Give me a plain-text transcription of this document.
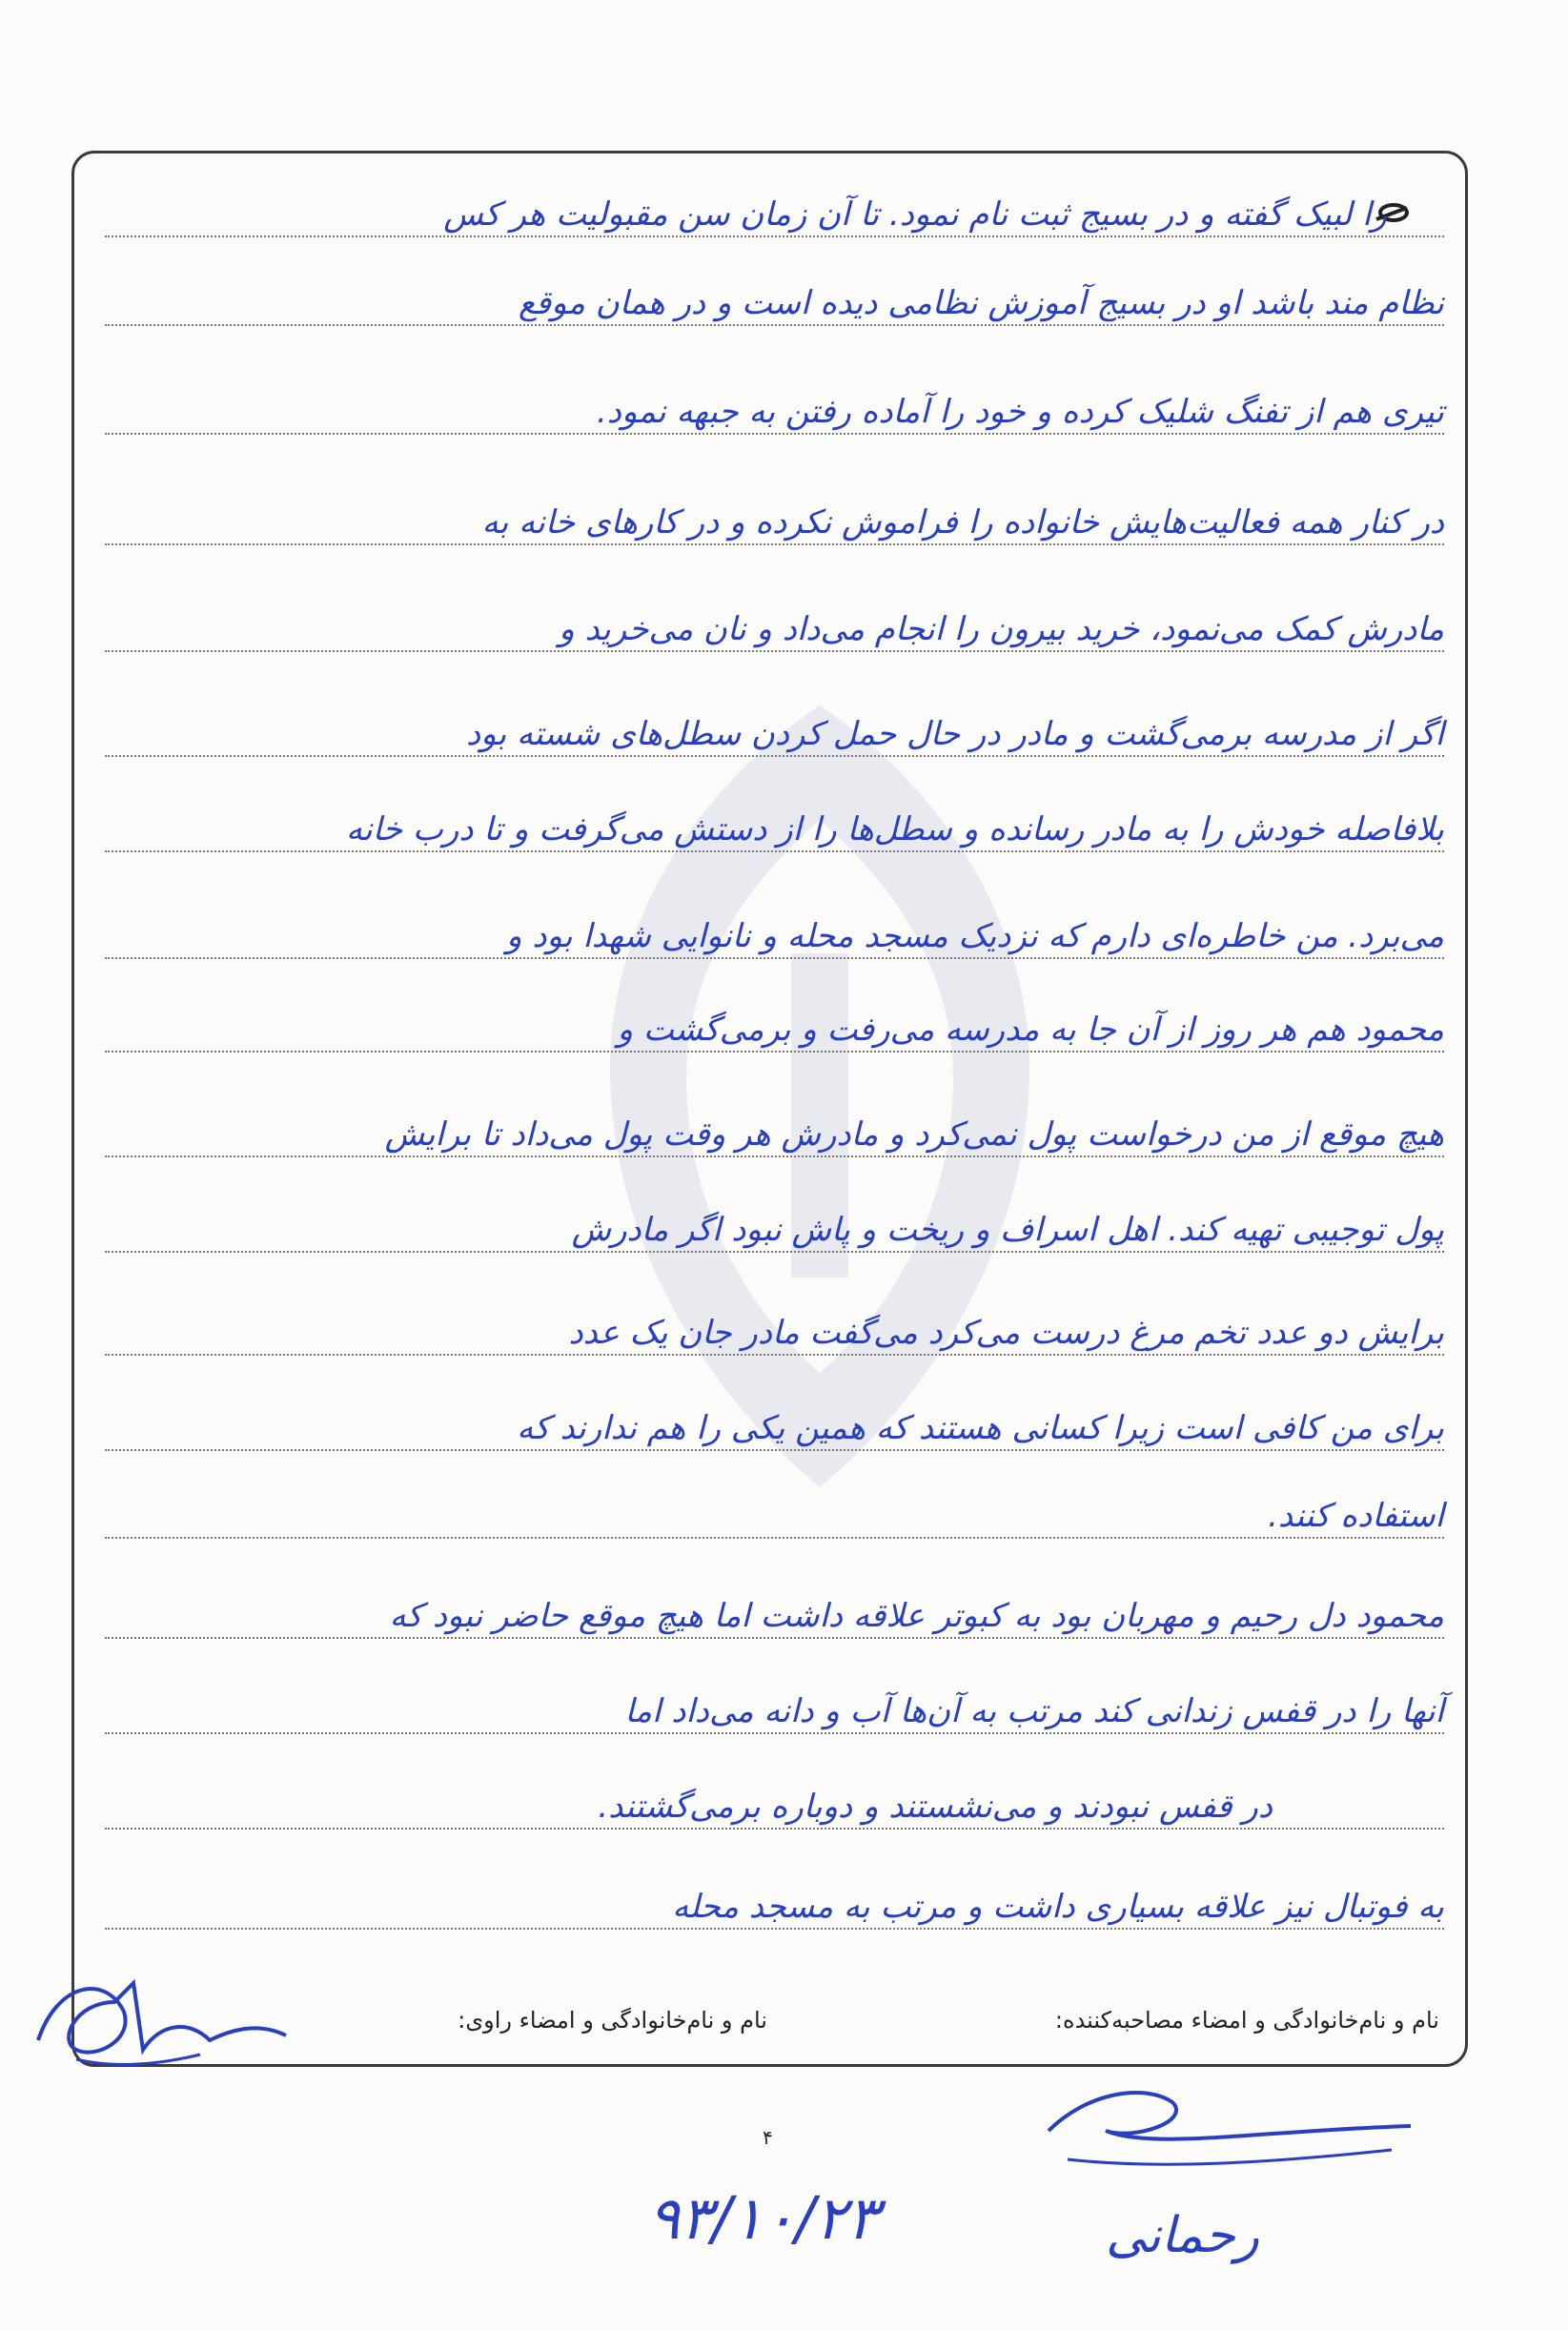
را لبیک گفته و در بسیج ثبت نام نمود. تا آن زمان سن مقبولیت هر کس
نظام مند باشد او در بسیج آموزش نظامی دیده است و در همان موقع
تیری هم از تفنگ شلیک کرده و خود را آماده رفتن به جبهه نمود.
در کنار همه فعالیت‌هایش خانواده را فراموش نکرده و در کارهای خانه به
مادرش کمک می‌نمود، خرید بیرون را انجام می‌داد و نان می‌خرید و
اگر از مدرسه برمی‌گشت و مادر در حال حمل کردن سطل‌های شسته بود
بلافاصله خودش را به مادر رسانده و سطل‌ها را از دستش می‌گرفت و تا درب خانه
می‌برد. من خاطره‌ای دارم که نزدیک مسجد محله و نانوایی شهدا بود و
محمود هم هر روز از آن جا به مدرسه می‌رفت و برمی‌گشت و
هیچ موقع از من درخواست پول نمی‌کرد و مادرش هر وقت پول می‌داد تا برایش
پول توجیبی تهیه کند. اهل اسراف و ریخت و پاش نبود اگر مادرش
برایش دو عدد تخم مرغ درست می‌کرد می‌گفت مادر جان یک عدد
برای من کافی است زیرا کسانی هستند که همین یکی را هم ندارند که
استفاده کنند.
محمود دل رحیم و مهربان بود به کبوتر علاقه داشت اما هیچ موقع حاضر نبود که
آنها را در قفس زندانی کند مرتب به آن‌ها آب و دانه می‌داد اما
در قفس نبودند و می‌نشستند و دوباره برمی‌گشتند.
به فوتبال نیز علاقه بسیاری داشت و مرتب به مسجد محله
نام و نام‌خانوادگی و امضاء مصاحبه‌کننده:
نام و نام‌خانوادگی و امضاء راوی:
۴
۹۳/۱۰/۲۳	رحمانی
